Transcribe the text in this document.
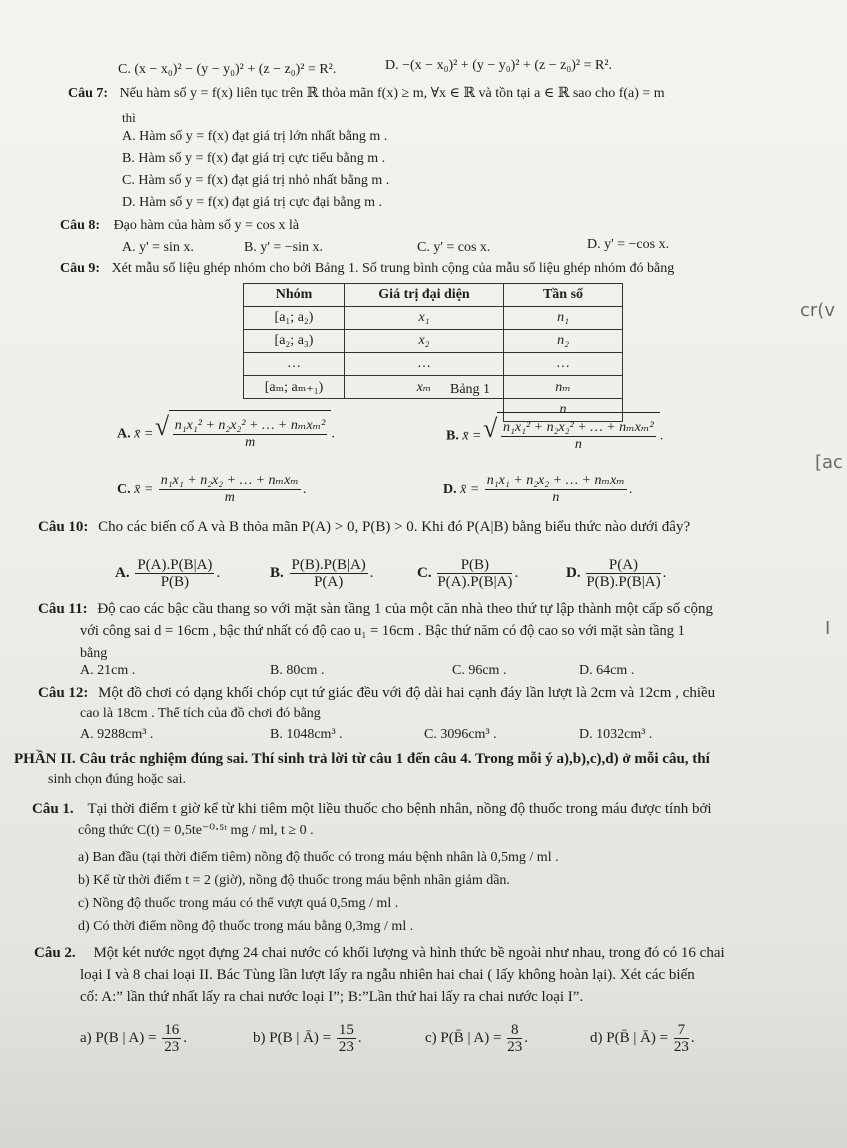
C. (x − x₀)² − (y − y₀)² + (z − z₀)² = R².	D. −(x − x₀)² + (y − y₀)² + (z − z₀)² = R².
Câu 7: Nếu hàm số y = f(x) liên tục trên ℝ thỏa mãn f(x) ≥ m, ∀x ∈ ℝ và tồn tại a ∈ ℝ sao cho f(a) = m
thì
A. Hàm số y = f(x) đạt giá trị lớn nhất bằng m .
B. Hàm số y = f(x) đạt giá trị cực tiểu bằng m .
C. Hàm số y = f(x) đạt giá trị nhỏ nhất bằng m .
D. Hàm số y = f(x) đạt giá trị cực đại bằng m .
Câu 8: Đạo hàm của hàm số y = cos x là
A. y' = sin x.	B. y' = −sin x.	C. y' = cos x.	D. y' = −cos x.
Câu 9: Xét mẫu số liệu ghép nhóm cho bởi Bảng 1. Số trung bình cộng của mẫu số liệu ghép nhóm đó bằng
Nhóm	Giá trị đại diện	Tần số
[a₁; a₂)	x₁	n₁
[a₂; a₃)	x₂	n₂
…	…	…
[aₘ; aₘ₊₁)	xₘ	nₘ
		n
Bảng 1
A. x̄ = √ $\frac{\text{n₁x₁² + n₂x₂² + … + nₘxₘ²}}{m}$ .	B. x̄ = √ $\frac{\text{n₁x₁² + n₂x₂² + … + nₘxₘ²}}{n}$ .
C. x̄ = $\frac{\text{n₁x₁ + n₂x₂ + … + nₘxₘ}}{m}$ .	D. x̄ = $\frac{\text{n₁x₁ + n₂x₂ + … + nₘxₘ}}{n}$ .
Câu 10: Cho các biến cố A và B thỏa mãn P(A) > 0, P(B) > 0. Khi đó P(A|B) bằng biểu thức nào dưới đây?
A. $\frac{P(A).P(B|A)}{P(B)}$ .	B. $\frac{P(B).P(B|A)}{P(A)}$ .	C. $\frac{P(B)}{P(A).P(B|A)}$ .	D. $\frac{P(A)}{P(B).P(B|A)}$ .
Câu 11: Độ cao các bậc cầu thang so với mặt sàn tầng 1 của một căn nhà theo thứ tự lập thành một cấp số cộng
với công sai d = 16cm , bậc thứ nhất có độ cao u₁ = 16cm . Bậc thứ năm có độ cao so với mặt sàn tầng 1
bằng
A. 21cm .	B. 80cm .	C. 96cm .	D. 64cm .
Câu 12: Một đồ chơi có dạng khối chóp cụt tứ giác đều với độ dài hai cạnh đáy lần lượt là 2cm và 12cm , chiều
cao là 18cm . Thể tích của đồ chơi đó bằng
A. 9288cm³ .	B. 1048cm³ .	C. 3096cm³ .	D. 1032cm³ .
PHẦN II. Câu trắc nghiệm đúng sai. Thí sinh trả lời từ câu 1 đến câu 4. Trong mỗi ý a),b),c),d) ở mỗi câu, thí
sinh chọn đúng hoặc sai.
Câu 1. Tại thời điểm t giờ kể từ khi tiêm một liều thuốc cho bệnh nhân, nồng độ thuốc trong máu được tính bởi
công thức C(t) = 0,5te⁻⁰‧⁵ᵗ mg / ml, t ≥ 0 .
a) Ban đầu (tại thời điểm tiêm) nồng độ thuốc có trong máu bệnh nhân là 0,5mg / ml .
b) Kể từ thời điểm t = 2 (giờ), nồng độ thuốc trong máu bệnh nhân giảm dần.
c) Nồng độ thuốc trong máu có thể vượt quá 0,5mg / ml .
d) Có thời điểm nồng độ thuốc trong máu bằng 0,3mg / ml .
Câu 2. Một két nước ngọt đựng 24 chai nước có khối lượng và hình thức bề ngoài như nhau, trong đó có 16 chai
loại I và 8 chai loại II. Bác Tùng lần lượt lấy ra ngẫu nhiên hai chai ( lấy không hoàn lại). Xét các biến
cố: A:” lần thứ nhất lấy ra chai nước loại I”; B:”Lần thứ hai lấy ra chai nước loại I”.
a) P(B | $A) = \frac{16}{23}$ .	b) P(B | Ā) = $\frac{15}{23}$ .	c) P(B̄ | $A) = \frac{8}{23}$ .	d) P(B̄ | Ā) = $\frac{7}{23}$ .
cr(v
[ac
I
